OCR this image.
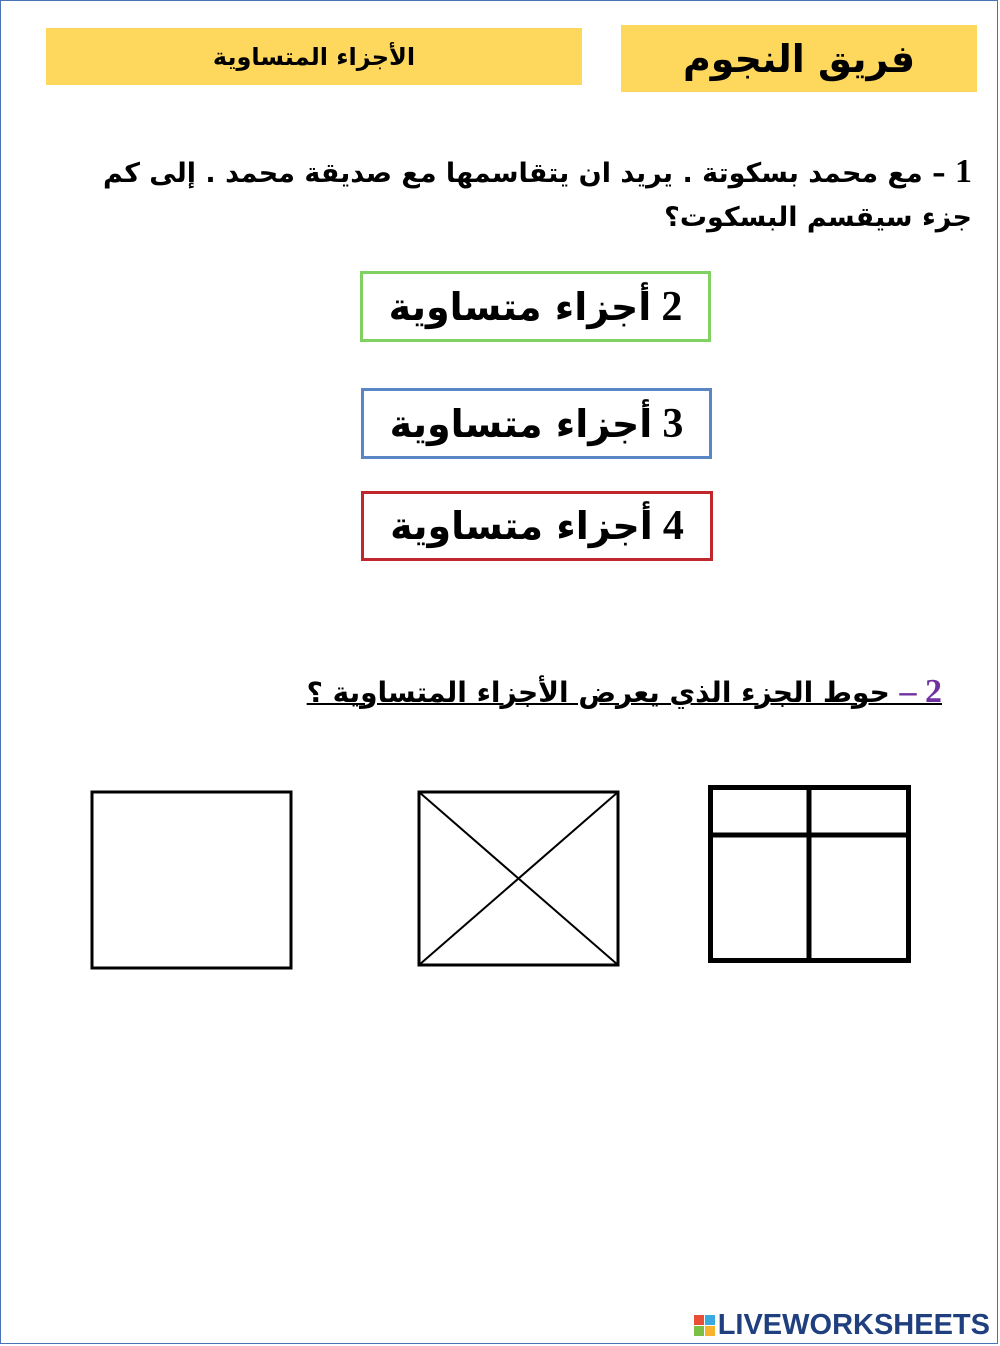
فريق النجوم
الأجزاء المتساوية
1 – مع محمد بسكوتة . يريد ان يتقاسمها مع صديقة محمد . إلى كم جزء سيقسم البسكوت؟
2
أجزاء متساوية
3
أجزاء متساوية
4
أجزاء متساوية
2 – حوط الجزء الذي يعرض الأجزاء المتساوية ؟
LIVEWORKSHEETS
